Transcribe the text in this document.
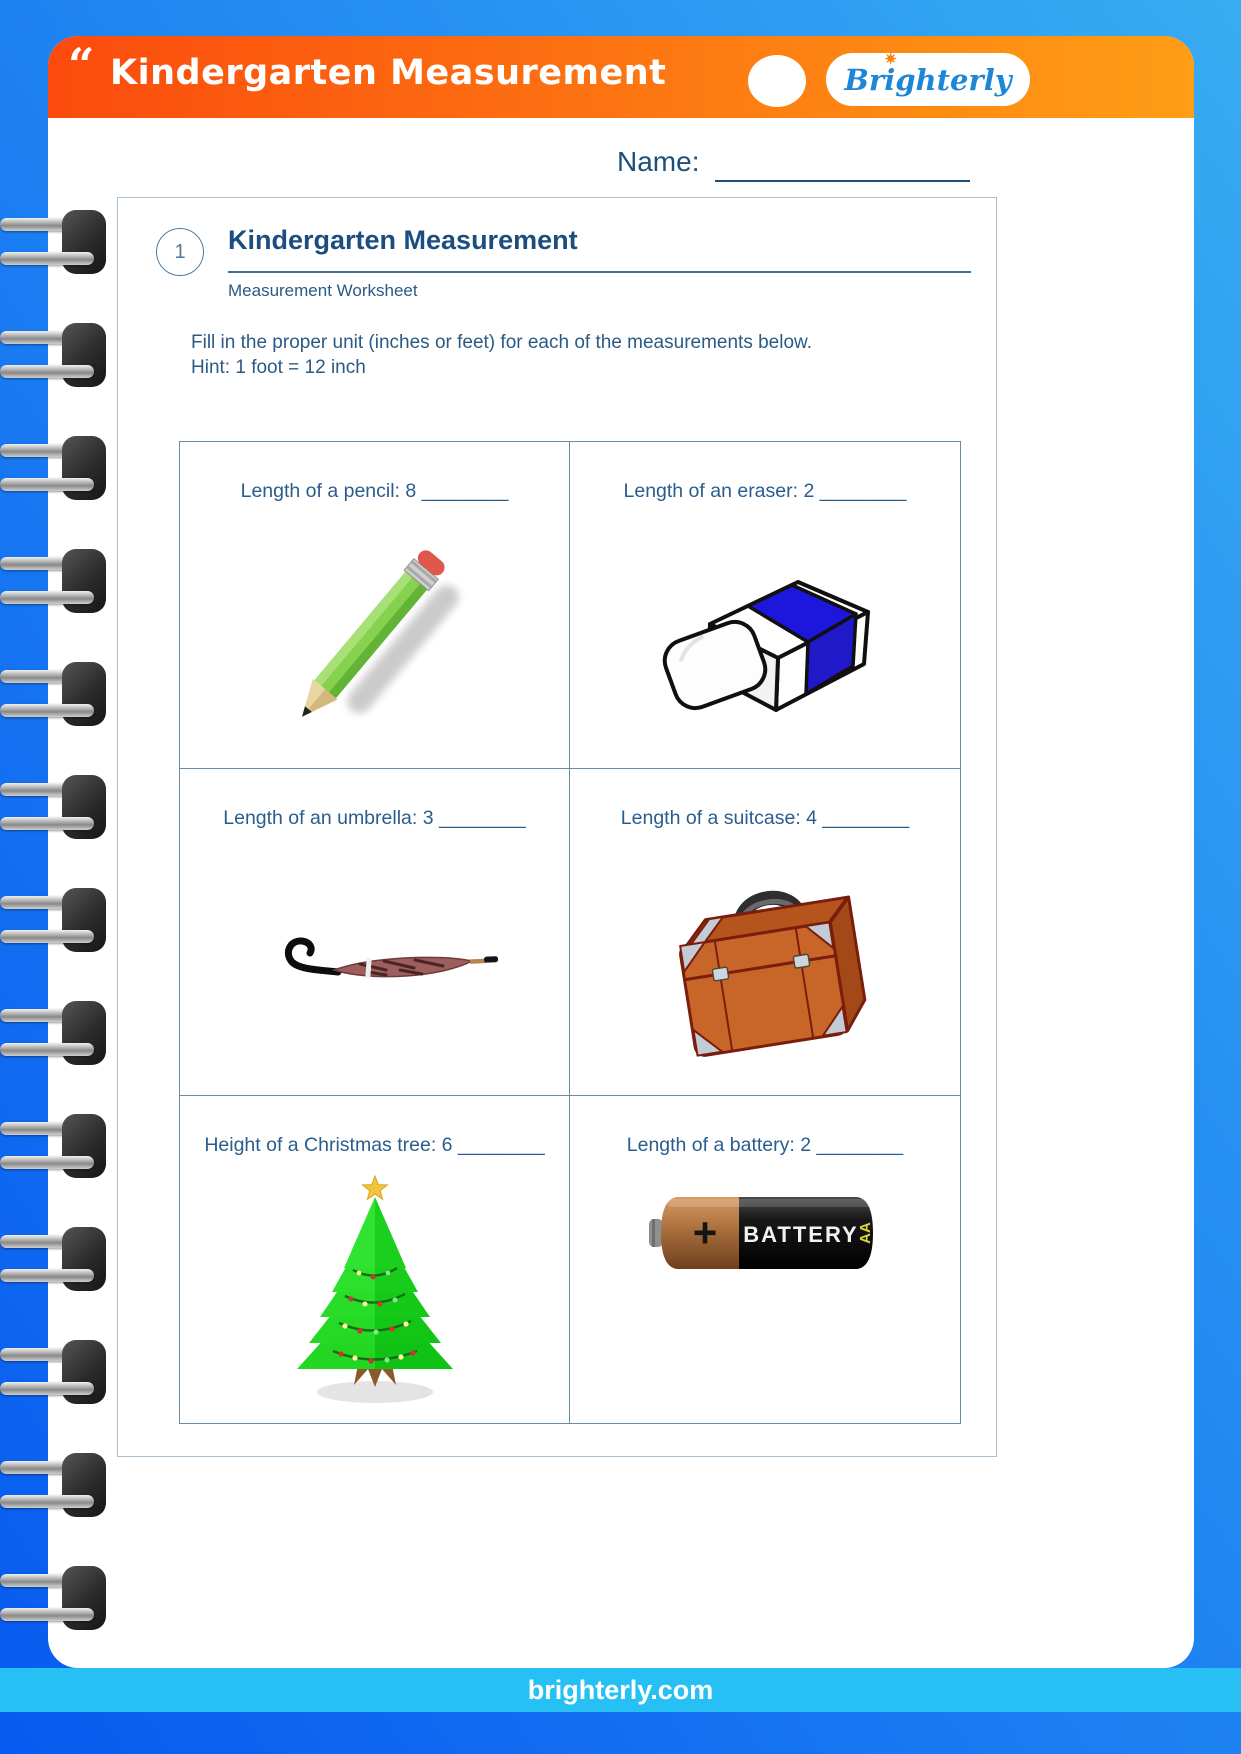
“ Kindergarten Measurement	Brighterly
✷
Name:
1 Kindergarten Measurement
Measurement Worksheet
Fill in the proper unit (inches or feet) for each of the measurements below.
Hint: 1 foot = 12 inch
Length of a pencil: 8 ________	Length of an eraser: 2 ________
Length of an umbrella: 3 ________	Length of a suitcase: 4 ________
Height of a Christmas tree: 6 ________	Length of a battery: 2 ________
+ BATTERY
AA
brighterly.com
